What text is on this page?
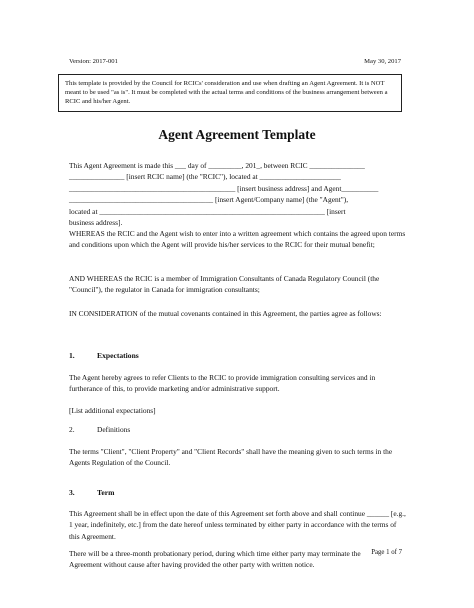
Version: 2017-001	May 30, 2017
This template is provided by the Council for RCICs' consideration and use when drafting an Agent Agreement. It is NOT meant to be used "as is". It must be completed with the actual terms and conditions of the business arrangement between a RCIC and his/her Agent.
Agent Agreement Template
This Agent Agreement is made this ___ day of _________, 201_, between RCIC _______________
_______________ [insert RCIC name] (the "RCIC"), located at ______________________
_____________________________________________ [insert business address] and Agent__________
_______________________________________ [insert Agent/Company name] (the "Agent"),
located at _____________________________________________________________ [insert
business address].
WHEREAS the RCIC and the Agent wish to enter into a written agreement which contains the agreed upon terms and conditions upon which the Agent will provide his/her services to the RCIC for their mutual benefit;
AND WHEREAS the RCIC is a member of Immigration Consultants of Canada Regulatory Council (the "Council"), the regulator in Canada for immigration consultants;
IN CONSIDERATION of the mutual covenants contained in this Agreement, the parties agree as follows:
1.	Expectations
The Agent hereby agrees to refer Clients to the RCIC to provide immigration consulting services and in furtherance of this, to provide marketing and/or administrative support.
[List additional expectations]
2.	Definitions
The terms "Client", "Client Property" and "Client Records" shall have the meaning given to such terms in the Agents Regulation of the Council.
3.	Term
This Agreement shall be in effect upon the date of this Agreement set forth above and shall continue ______ [e.g., 1 year, indefinitely, etc.] from the date hereof unless terminated by either party in accordance with the terms of this Agreement.
There will be a three-month probationary period, during which time either party may terminate the Agreement without cause after having provided the other party with written notice.
Page 1 of 7
